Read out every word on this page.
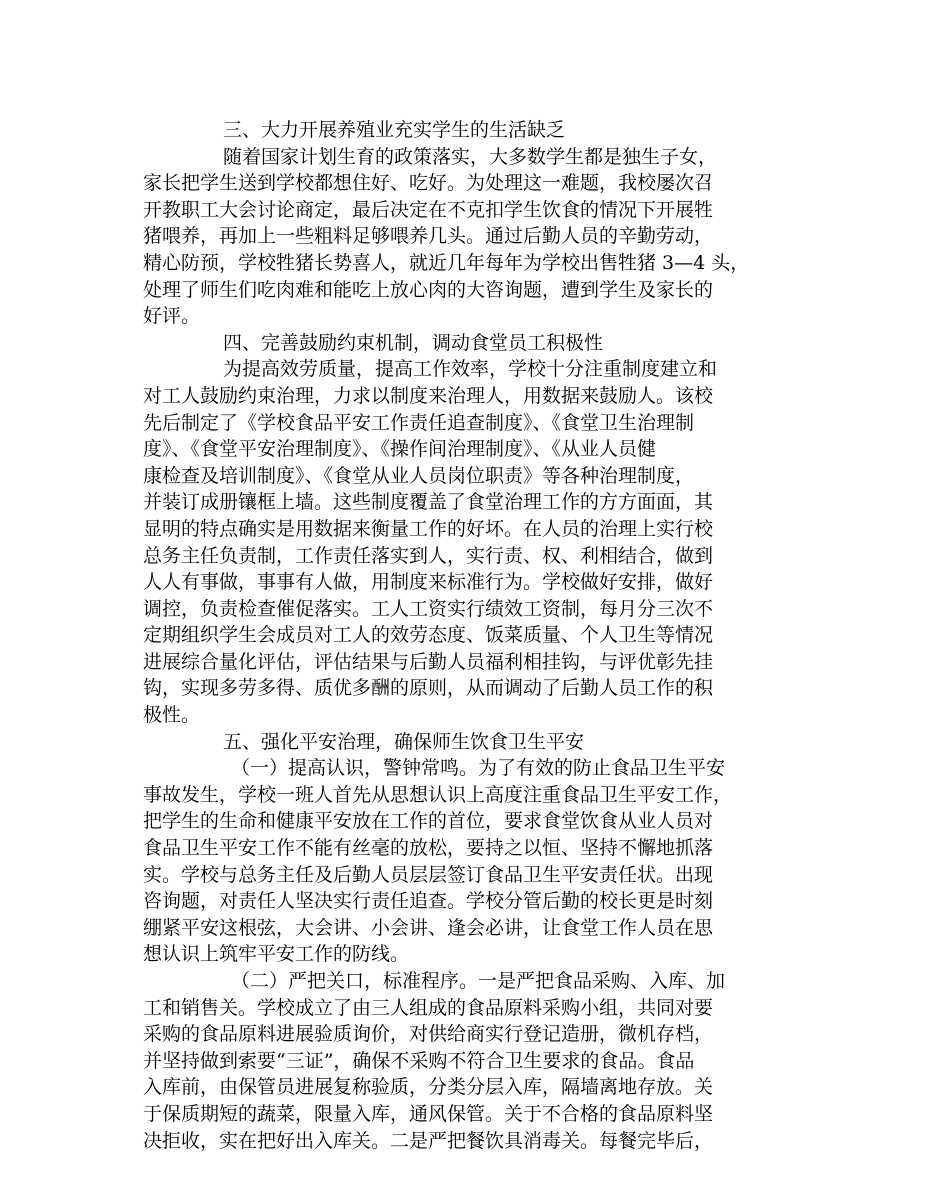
三、大力开展养殖业充实学生的生活缺乏
随着国家计划生育的政策落实，大多数学生都是独生子女，
家长把学生送到学校都想住好、吃好。为处理这一难题，我校屡次召
开教职工大会讨论商定，最后决定在不克扣学生饮食的情况下开展牲
猪喂养，再加上一些粗料足够喂养几头。通过后勤人员的辛勤劳动，
精心防预，学校牲猪长势喜人，就近几年每年为学校出售牲猪 3—4 头，
处理了师生们吃肉难和能吃上放心肉的大咨询题，遭到学生及家长的
好评。
四、完善鼓励约束机制，调动食堂员工积极性
为提高效劳质量，提高工作效率，学校十分注重制度建立和
对工人鼓励约束治理，力求以制度来治理人，用数据来鼓励人。该校
先后制定了《学校食品平安工作责任追查制度》、《食堂卫生治理制
度》、《食堂平安治理制度》、《操作间治理制度》、《从业人员健
康检查及培训制度》、《食堂从业人员岗位职责》等各种治理制度，
并装订成册镶框上墙。这些制度覆盖了食堂治理工作的方方面面，其
显明的特点确实是用数据来衡量工作的好坏。在人员的治理上实行校
总务主任负责制，工作责任落实到人，实行责、权、利相结合，做到
人人有事做，事事有人做，用制度来标准行为。学校做好安排，做好
调控，负责检查催促落实。工人工资实行绩效工资制，每月分三次不
定期组织学生会成员对工人的效劳态度、饭菜质量、个人卫生等情况
进展综合量化评估，评估结果与后勤人员福利相挂钩，与评优彰先挂
钩，实现多劳多得、质优多酬的原则，从而调动了后勤人员工作的积
极性。
五、强化平安治理，确保师生饮食卫生平安
（一）提高认识，警钟常鸣。为了有效的防止食品卫生平安
事故发生，学校一班人首先从思想认识上高度注重食品卫生平安工作，
把学生的生命和健康平安放在工作的首位，要求食堂饮食从业人员对
食品卫生平安工作不能有丝毫的放松，要持之以恒、坚持不懈地抓落
实。学校与总务主任及后勤人员层层签订食品卫生平安责任状。出现
咨询题，对责任人坚决实行责任追查。学校分管后勤的校长更是时刻
绷紧平安这根弦，大会讲、小会讲、逢会必讲，让食堂工作人员在思
想认识上筑牢平安工作的防线。
（二）严把关口，标准程序。一是严把食品采购、入库、加
工和销售关。学校成立了由三人组成的食品原料采购小组，共同对要
采购的食品原料进展验质询价，对供给商实行登记造册，微机存档，
并坚持做到索要“三证”，确保不采购不符合卫生要求的食品。食品
入库前，由保管员进展复称验质，分类分层入库，隔墙离地存放。关
于保质期短的蔬菜，限量入库，通风保管。关于不合格的食品原料坚
决拒收，实在把好出入库关。二是严把餐饮具消毒关。每餐完毕后，
